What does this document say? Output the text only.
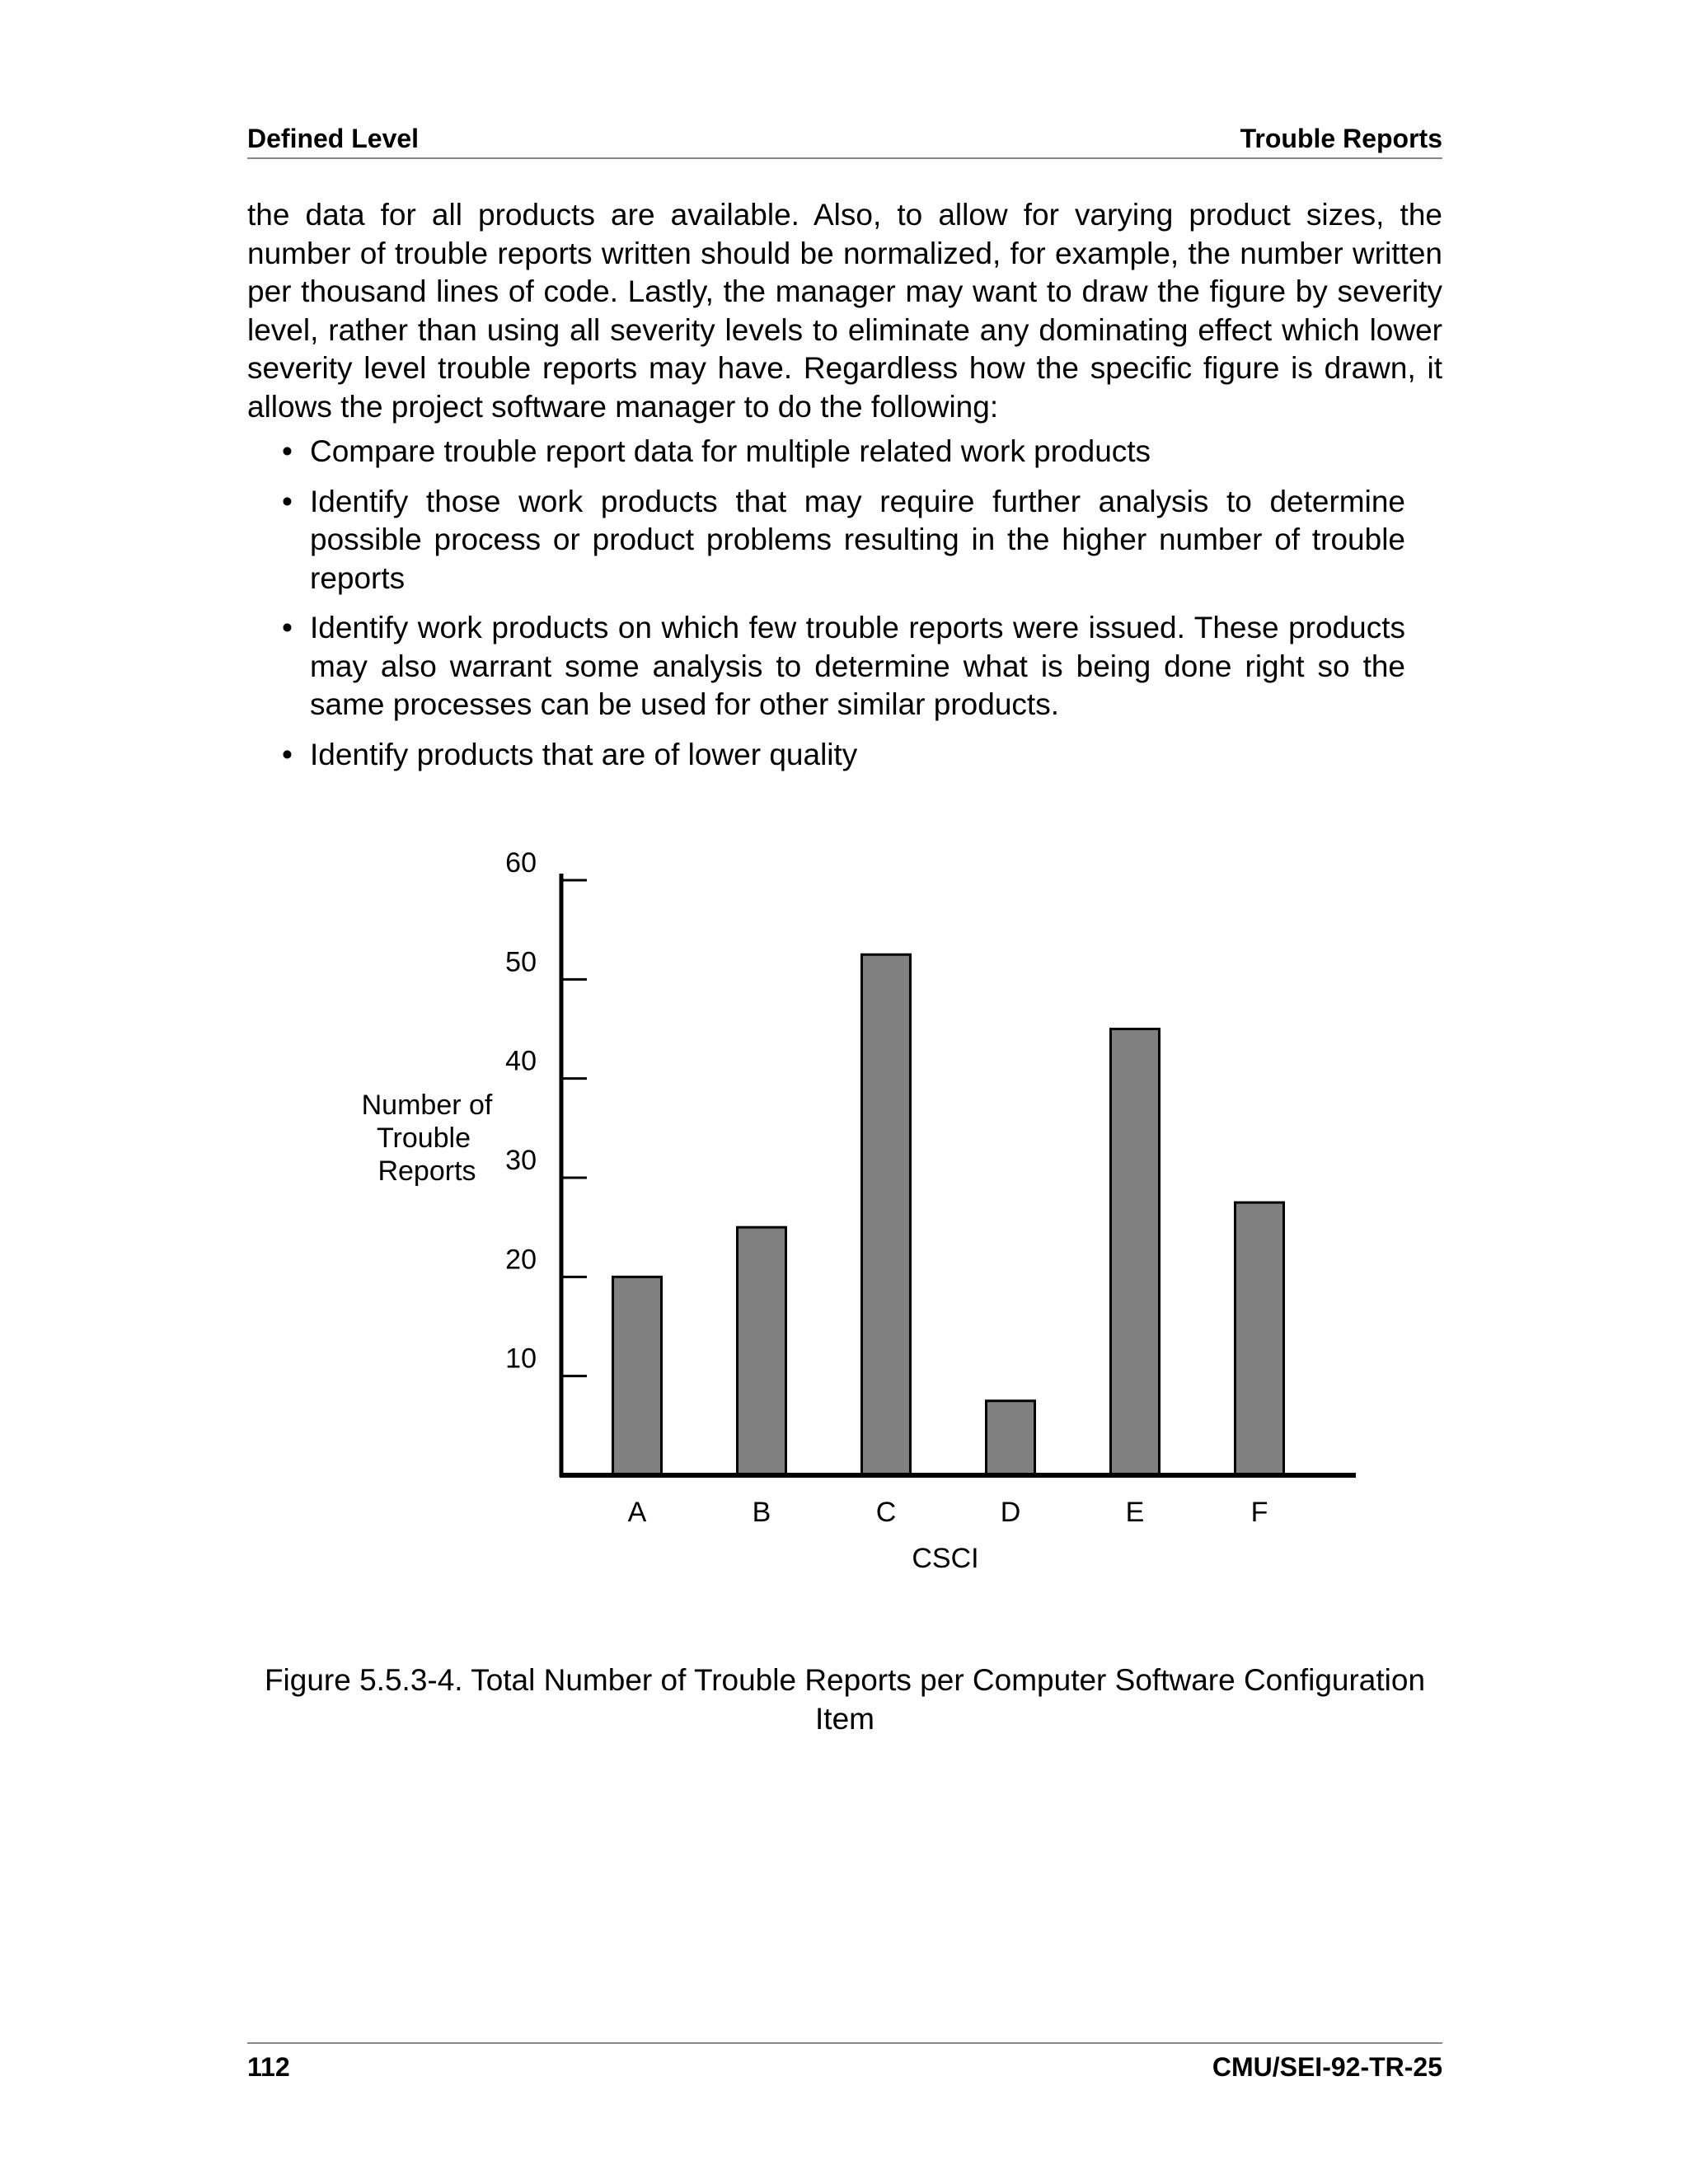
Defined Level	Trouble Reports

the data for all products are available. Also, to allow for varying product sizes, the number of trouble reports written should be normalized, for example, the number written per thousand lines of code. Lastly, the manager may want to draw the figure by severity level, rather than using all severity levels to eliminate any dominating effect which lower severity level trouble reports may have. Regardless how the specific figure is drawn, it allows the project software manager to do the following:

• Compare trouble report data for multiple related work products
• Identify those work products that may require further analysis to determine possible process or product problems resulting in the higher number of trouble reports
• Identify work products on which few trouble reports were issued. These products may also warrant some analysis to determine what is being done right so the same processes can be used for other similar products.
• Identify products that are of lower quality
Number of
Trouble
Reports
10
20
30
40
50
60
A	B	C	D	E	F
CSCI
Figure 5.5.3-4. Total Number of Trouble Reports per Computer Software Configuration
Item
112	CMU/SEI-92-TR-25
